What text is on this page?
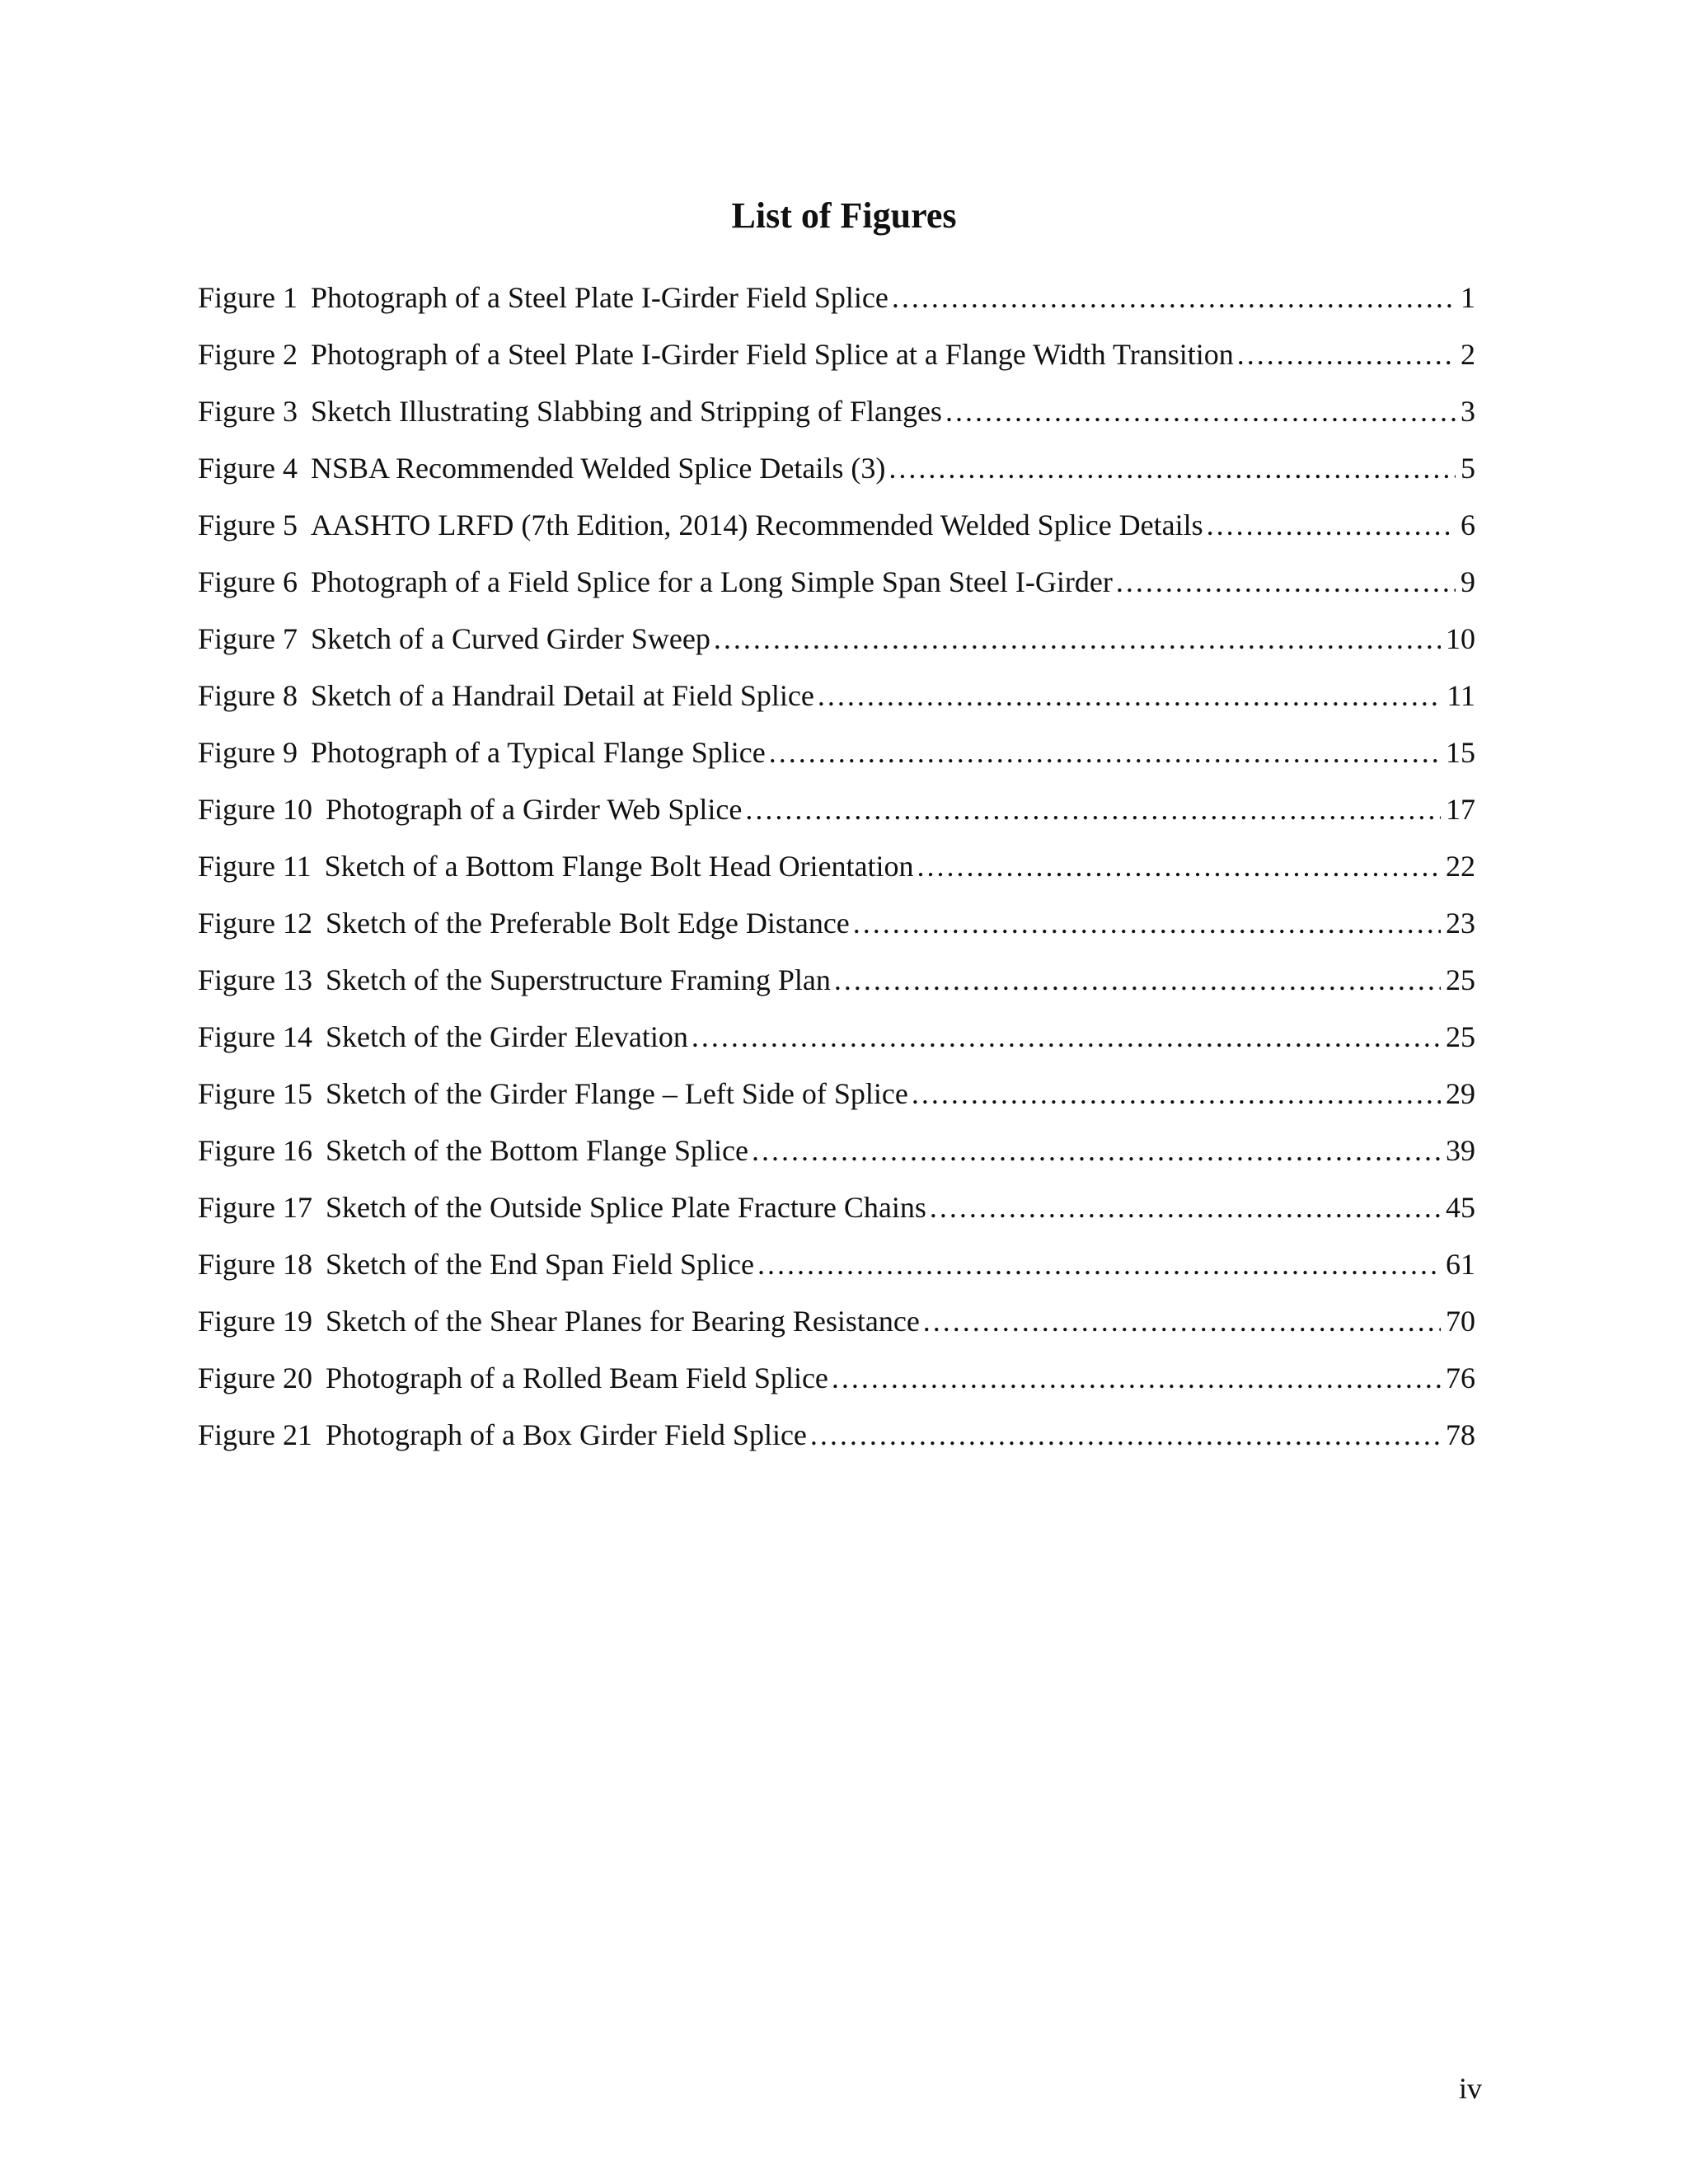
List of Figures
Figure 1 Photograph of a Steel Plate I-Girder Field Splice . . .	1
Figure 2 Photograph of a Steel Plate I-Girder Field Splice at a Flange Width Transition . . .	2
Figure 3 Sketch Illustrating Slabbing and Stripping of Flanges . . .	3
Figure 4 NSBA Recommended Welded Splice Details (3) . . .	5
Figure 5 AASHTO LRFD (7th Edition, 2014) Recommended Welded Splice Details . . .	6
Figure 6 Photograph of a Field Splice for a Long Simple Span Steel I-Girder . . .	9
Figure 7 Sketch of a Curved Girder Sweep . . .	10
Figure 8 Sketch of a Handrail Detail at Field Splice . . .	11
Figure 9 Photograph of a Typical Flange Splice . . .	15
Figure 10 Photograph of a Girder Web Splice . . .	17
Figure 11 Sketch of a Bottom Flange Bolt Head Orientation . . .	22
Figure 12 Sketch of the Preferable Bolt Edge Distance . . .	23
Figure 13 Sketch of the Superstructure Framing Plan . . .	25
Figure 14 Sketch of the Girder Elevation . . .	25
Figure 15 Sketch of the Girder Flange – Left Side of Splice . . .	29
Figure 16 Sketch of the Bottom Flange Splice . . .	39
Figure 17 Sketch of the Outside Splice Plate Fracture Chains . . .	45
Figure 18 Sketch of the End Span Field Splice . . .	61
Figure 19 Sketch of the Shear Planes for Bearing Resistance . . .	70
Figure 20 Photograph of a Rolled Beam Field Splice . . .	76
Figure 21 Photograph of a Box Girder Field Splice . . .	78
iv
